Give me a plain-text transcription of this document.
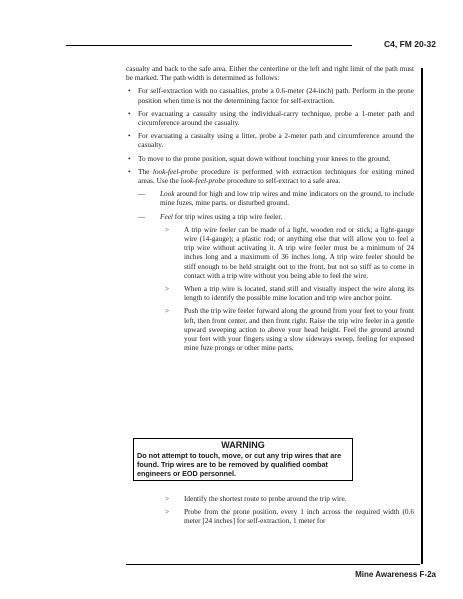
C4, FM 20-32

casualty and back to the safe area. Either the centerline or the left and right limit of the path must be marked. The path width is determined as follows:

• For self-extraction with no casualties, probe a 0.6-meter (24-inch) path. Perform in the prone position when time is not the determining factor for self-extraction.
• For evacuating a casualty using the individual-carry technique, probe a 1-meter path and circumference around the casualty.
• For evacuating a casualty using a litter, probe a 2-meter path and circumference around the casualty.
• To move to the prone position, squat down without touching your knees to the ground.
• The look-feel-probe procedure is performed with extraction techniques for exiting mined areas. Use the look-feel-probe procedure to self-extract to a safe area.
— Look around for high and low trip wires and mine indicators on the ground, to include mine fuzes, mine parts, or disturbed ground.
— Feel for trip wires using a trip wire feeler.
> A trip wire feeler can be made of a light, wooden rod or stick; a light-gauge wire (14-gauge); a plastic rod; or anything else that will allow you to feel a trip wire without activating it. A trip wire feeler must be a minimum of 24 inches long and a maximum of 36 inches long. A trip wire feeler should be stiff enough to be held straight out to the front, but not so stiff as to come in contact with a trip wire without you being able to feel the wire.
> When a trip wire is located, stand still and visually inspect the wire along its length to identify the possible mine location and trip wire anchor point.
> Push the trip wire feeler forward along the ground from your feet to your front left, then front center, and then front right. Raise the trip wire feeler in a gentle upward sweeping action to above your head height. Feel the ground around your feet with your fingers using a slow sideways sweep, feeling for exposed mine fuze prongs or other mine parts.
WARNING
Do not attempt to touch, move, or cut any trip wires that are found. Trip wires are to be removed by qualified combat engineers or EOD personnel.
> Identify the shortest route to probe around the trip wire.
> Probe from the prone position, every 1 inch across the required width (0.6 meter [24 inches] for self-extraction, 1 meter for
Mine Awareness F-2a
